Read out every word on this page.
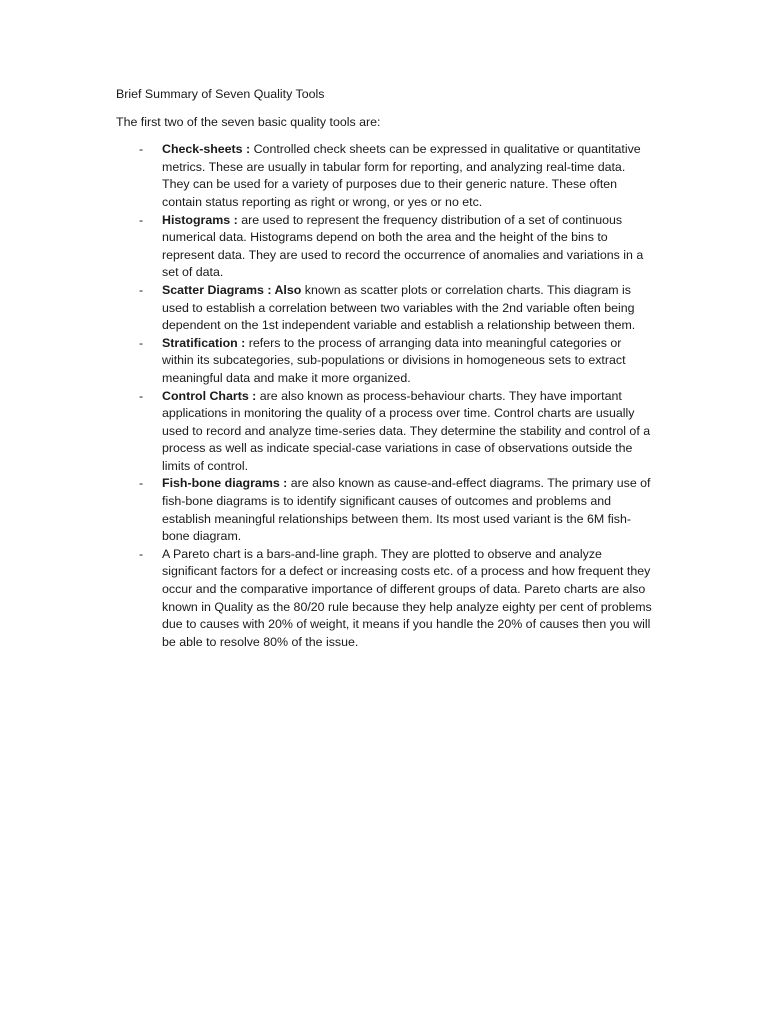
Brief Summary of Seven Quality Tools

The first two of the seven basic quality tools are:

- Check-sheets : Controlled check sheets can be expressed in qualitative or quantitative metrics. These are usually in tabular form for reporting, and analyzing real-time data. They can be used for a variety of purposes due to their generic nature. These often contain status reporting as right or wrong, or yes or no etc.
- Histograms : are used to represent the frequency distribution of a set of continuous numerical data. Histograms depend on both the area and the height of the bins to represent data. They are used to record the occurrence of anomalies and variations in a set of data.
- Scatter Diagrams : Also known as scatter plots or correlation charts. This diagram is used to establish a correlation between two variables with the 2nd variable often being dependent on the 1st independent variable and establish a relationship between them.
- Stratification : refers to the process of arranging data into meaningful categories or within its subcategories, sub-populations or divisions in homogeneous sets to extract meaningful data and make it more organized.
- Control Charts : are also known as process-behaviour charts. They have important applications in monitoring the quality of a process over time. Control charts are usually used to record and analyze time-series data. They determine the stability and control of a process as well as indicate special-case variations in case of observations outside the limits of control.
- Fish-bone diagrams : are also known as cause-and-effect diagrams. The primary use of fish-bone diagrams is to identify significant causes of outcomes and problems and establish meaningful relationships between them. Its most used variant is the 6M fish-bone diagram.
- A Pareto chart is a bars-and-line graph. They are plotted to observe and analyze significant factors for a defect or increasing costs etc. of a process and how frequent they occur and the comparative importance of different groups of data. Pareto charts are also known in Quality as the 80/20 rule because they help analyze eighty per cent of problems due to causes with 20% of weight, it means if you handle the 20% of causes then you will be able to resolve 80% of the issue.
